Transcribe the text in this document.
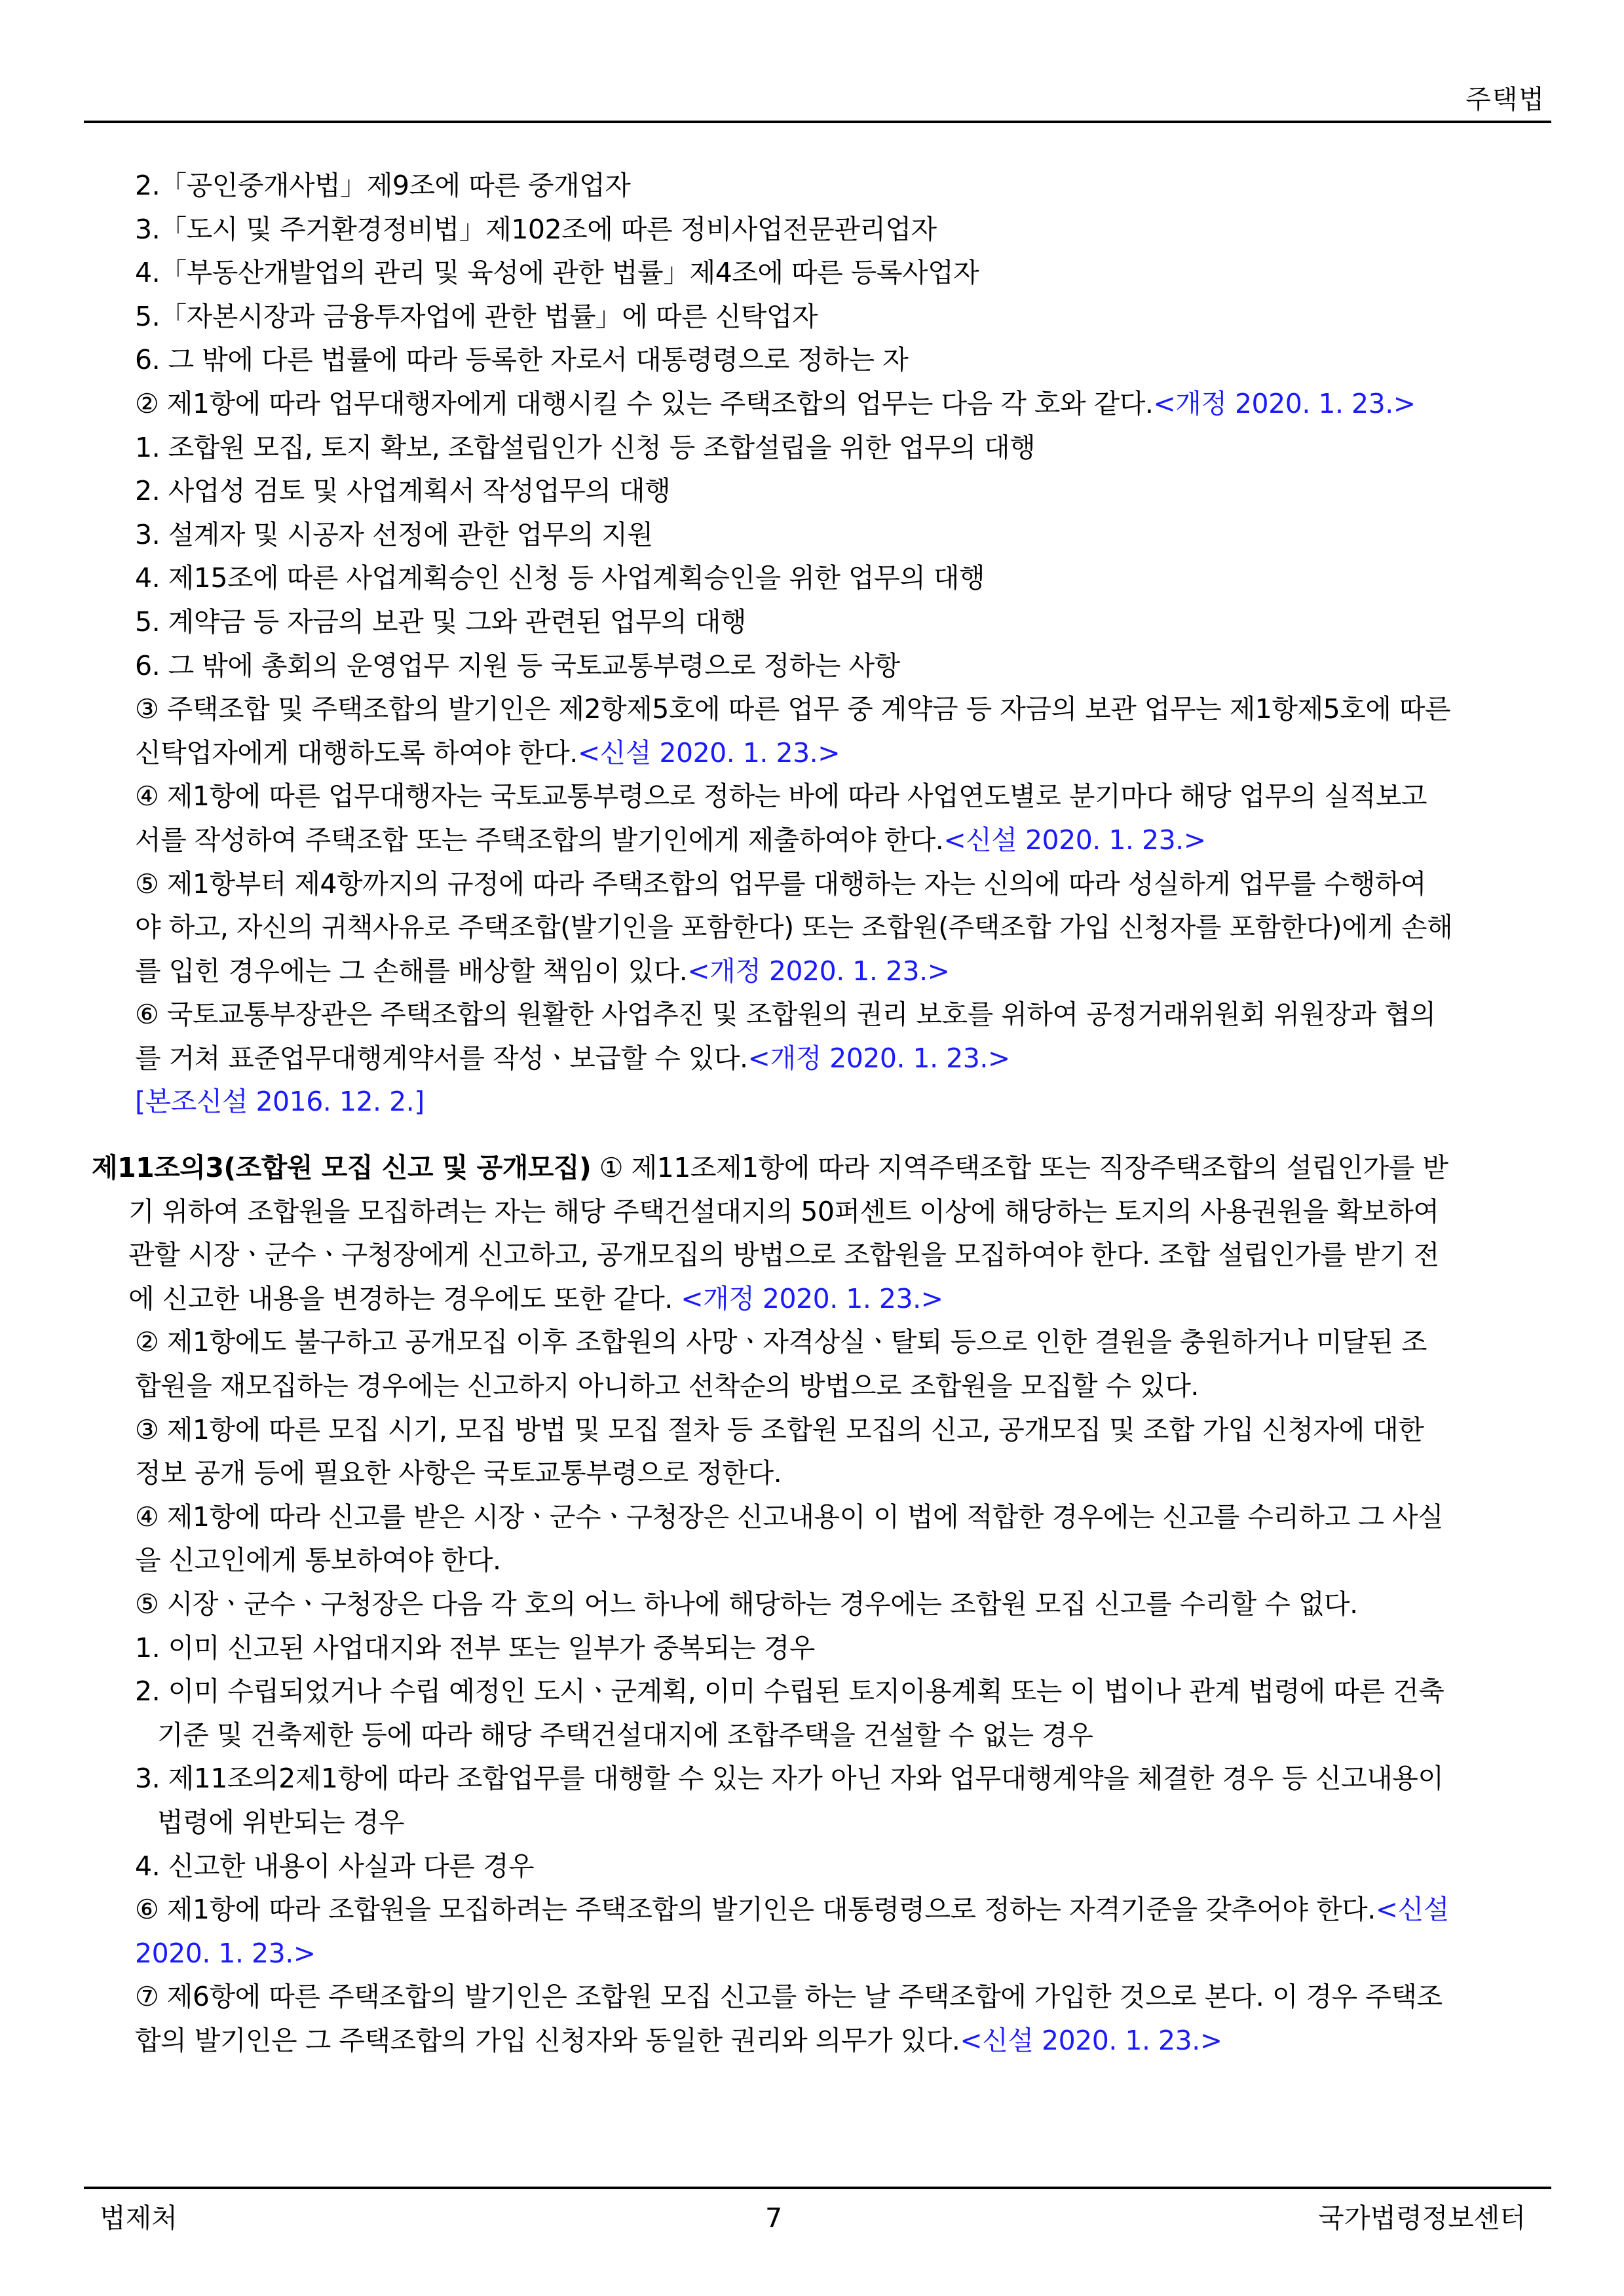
주택법
2.「공인중개사법」제9조에 따른 중개업자
3.「도시 및 주거환경정비법」제102조에 따른 정비사업전문관리업자
4.「부동산개발업의 관리 및 육성에 관한 법률」제4조에 따른 등록사업자
5.「자본시장과 금융투자업에 관한 법률」에 따른 신탁업자
6. 그 밖에 다른 법률에 따라 등록한 자로서 대통령령으로 정하는 자
② 제1항에 따라 업무대행자에게 대행시킬 수 있는 주택조합의 업무는 다음 각 호와 같다.<개정 2020. 1. 23.>
1. 조합원 모집, 토지 확보, 조합설립인가 신청 등 조합설립을 위한 업무의 대행
2. 사업성 검토 및 사업계획서 작성업무의 대행
3. 설계자 및 시공자 선정에 관한 업무의 지원
4. 제15조에 따른 사업계획승인 신청 등 사업계획승인을 위한 업무의 대행
5. 계약금 등 자금의 보관 및 그와 관련된 업무의 대행
6. 그 밖에 총회의 운영업무 지원 등 국토교통부령으로 정하는 사항
③ 주택조합 및 주택조합의 발기인은 제2항제5호에 따른 업무 중 계약금 등 자금의 보관 업무는 제1항제5호에 따른
신탁업자에게 대행하도록 하여야 한다.<신설 2020. 1. 23.>
④ 제1항에 따른 업무대행자는 국토교통부령으로 정하는 바에 따라 사업연도별로 분기마다 해당 업무의 실적보고
서를 작성하여 주택조합 또는 주택조합의 발기인에게 제출하여야 한다.<신설 2020. 1. 23.>
⑤ 제1항부터 제4항까지의 규정에 따라 주택조합의 업무를 대행하는 자는 신의에 따라 성실하게 업무를 수행하여
야 하고, 자신의 귀책사유로 주택조합(발기인을 포함한다) 또는 조합원(주택조합 가입 신청자를 포함한다)에게 손해
를 입힌 경우에는 그 손해를 배상할 책임이 있다.<개정 2020. 1. 23.>
⑥ 국토교통부장관은 주택조합의 원활한 사업추진 및 조합원의 권리 보호를 위하여 공정거래위원회 위원장과 협의
를 거쳐 표준업무대행계약서를 작성ㆍ보급할 수 있다.<개정 2020. 1. 23.>
[본조신설 2016. 12. 2.]
제11조의3(조합원 모집 신고 및 공개모집) ① 제11조제1항에 따라 지역주택조합 또는 직장주택조합의 설립인가를 받
기 위하여 조합원을 모집하려는 자는 해당 주택건설대지의 50퍼센트 이상에 해당하는 토지의 사용권원을 확보하여
관할 시장ㆍ군수ㆍ구청장에게 신고하고, 공개모집의 방법으로 조합원을 모집하여야 한다. 조합 설립인가를 받기 전
에 신고한 내용을 변경하는 경우에도 또한 같다. <개정 2020. 1. 23.>
② 제1항에도 불구하고 공개모집 이후 조합원의 사망ㆍ자격상실ㆍ탈퇴 등으로 인한 결원을 충원하거나 미달된 조
합원을 재모집하는 경우에는 신고하지 아니하고 선착순의 방법으로 조합원을 모집할 수 있다.
③ 제1항에 따른 모집 시기, 모집 방법 및 모집 절차 등 조합원 모집의 신고, 공개모집 및 조합 가입 신청자에 대한
정보 공개 등에 필요한 사항은 국토교통부령으로 정한다.
④ 제1항에 따라 신고를 받은 시장ㆍ군수ㆍ구청장은 신고내용이 이 법에 적합한 경우에는 신고를 수리하고 그 사실
을 신고인에게 통보하여야 한다.
⑤ 시장ㆍ군수ㆍ구청장은 다음 각 호의 어느 하나에 해당하는 경우에는 조합원 모집 신고를 수리할 수 없다.
1. 이미 신고된 사업대지와 전부 또는 일부가 중복되는 경우
2. 이미 수립되었거나 수립 예정인 도시ㆍ군계획, 이미 수립된 토지이용계획 또는 이 법이나 관계 법령에 따른 건축
기준 및 건축제한 등에 따라 해당 주택건설대지에 조합주택을 건설할 수 없는 경우
3. 제11조의2제1항에 따라 조합업무를 대행할 수 있는 자가 아닌 자와 업무대행계약을 체결한 경우 등 신고내용이
법령에 위반되는 경우
4. 신고한 내용이 사실과 다른 경우
⑥ 제1항에 따라 조합원을 모집하려는 주택조합의 발기인은 대통령령으로 정하는 자격기준을 갖추어야 한다.<신설
2020. 1. 23.>
⑦ 제6항에 따른 주택조합의 발기인은 조합원 모집 신고를 하는 날 주택조합에 가입한 것으로 본다. 이 경우 주택조
합의 발기인은 그 주택조합의 가입 신청자와 동일한 권리와 의무가 있다.<신설 2020. 1. 23.>
법제처	7	국가법령정보센터
